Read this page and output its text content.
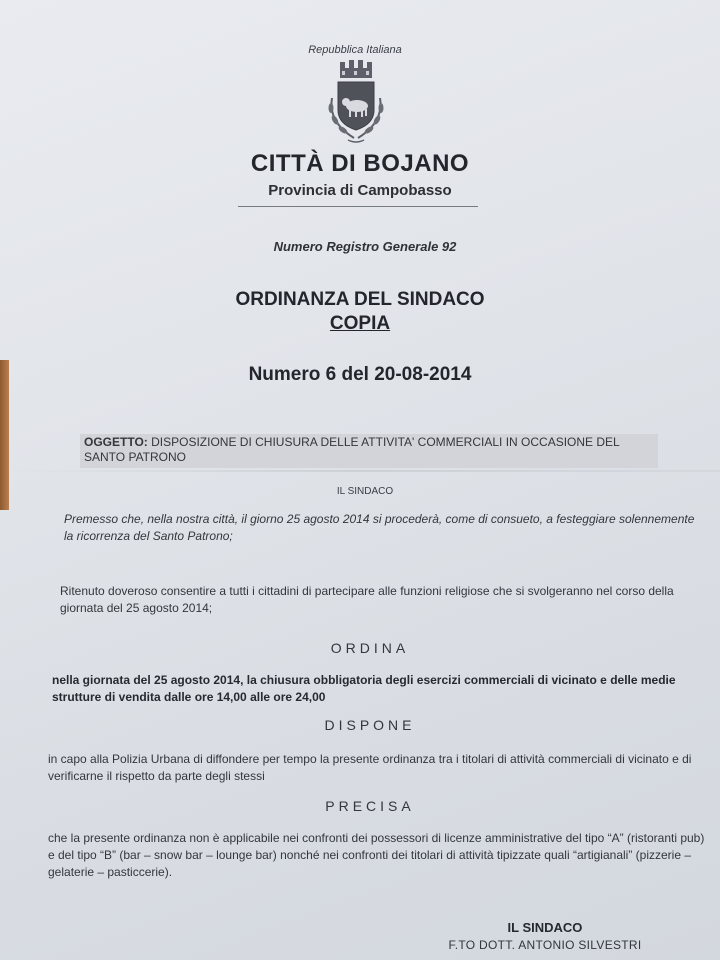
Repubblica Italiana
CITTÀ DI BOJANO
Provincia di Campobasso
Numero Registro Generale 92
ORDINANZA DEL SINDACO
COPIA
Numero 6 del 20-08-2014
OGGETTO: DISPOSIZIONE DI CHIUSURA DELLE ATTIVITA' COMMERCIALI IN OCCASIONE DEL SANTO PATRONO
IL SINDACO
Premesso che, nella nostra città, il giorno 25 agosto 2014 si procederà, come di consueto, a festeggiare solennemente la ricorrenza del Santo Patrono;
Ritenuto doveroso consentire a tutti i cittadini di partecipare alle funzioni religiose che si svolgeranno nel corso della giornata del 25 agosto 2014;
ORDINA
nella giornata del 25 agosto 2014, la chiusura obbligatoria degli esercizi commerciali di vicinato e delle medie strutture di vendita dalle ore 14,00 alle ore 24,00
DISPONE
in capo alla Polizia Urbana di diffondere per tempo la presente ordinanza tra i titolari di attività commerciali di vicinato e di verificarne il rispetto da parte degli stessi
PRECISA
che la presente ordinanza non è applicabile nei confronti dei possessori di licenze amministrative del tipo “A” (ristoranti pub) e del tipo “B” (bar – snow bar – lounge bar) nonché nei confronti dei titolari di attività tipizzate quali “artigianali” (pizzerie – gelaterie – pasticcerie).
IL SINDACO
F.TO DOTT. ANTONIO SILVESTRI
